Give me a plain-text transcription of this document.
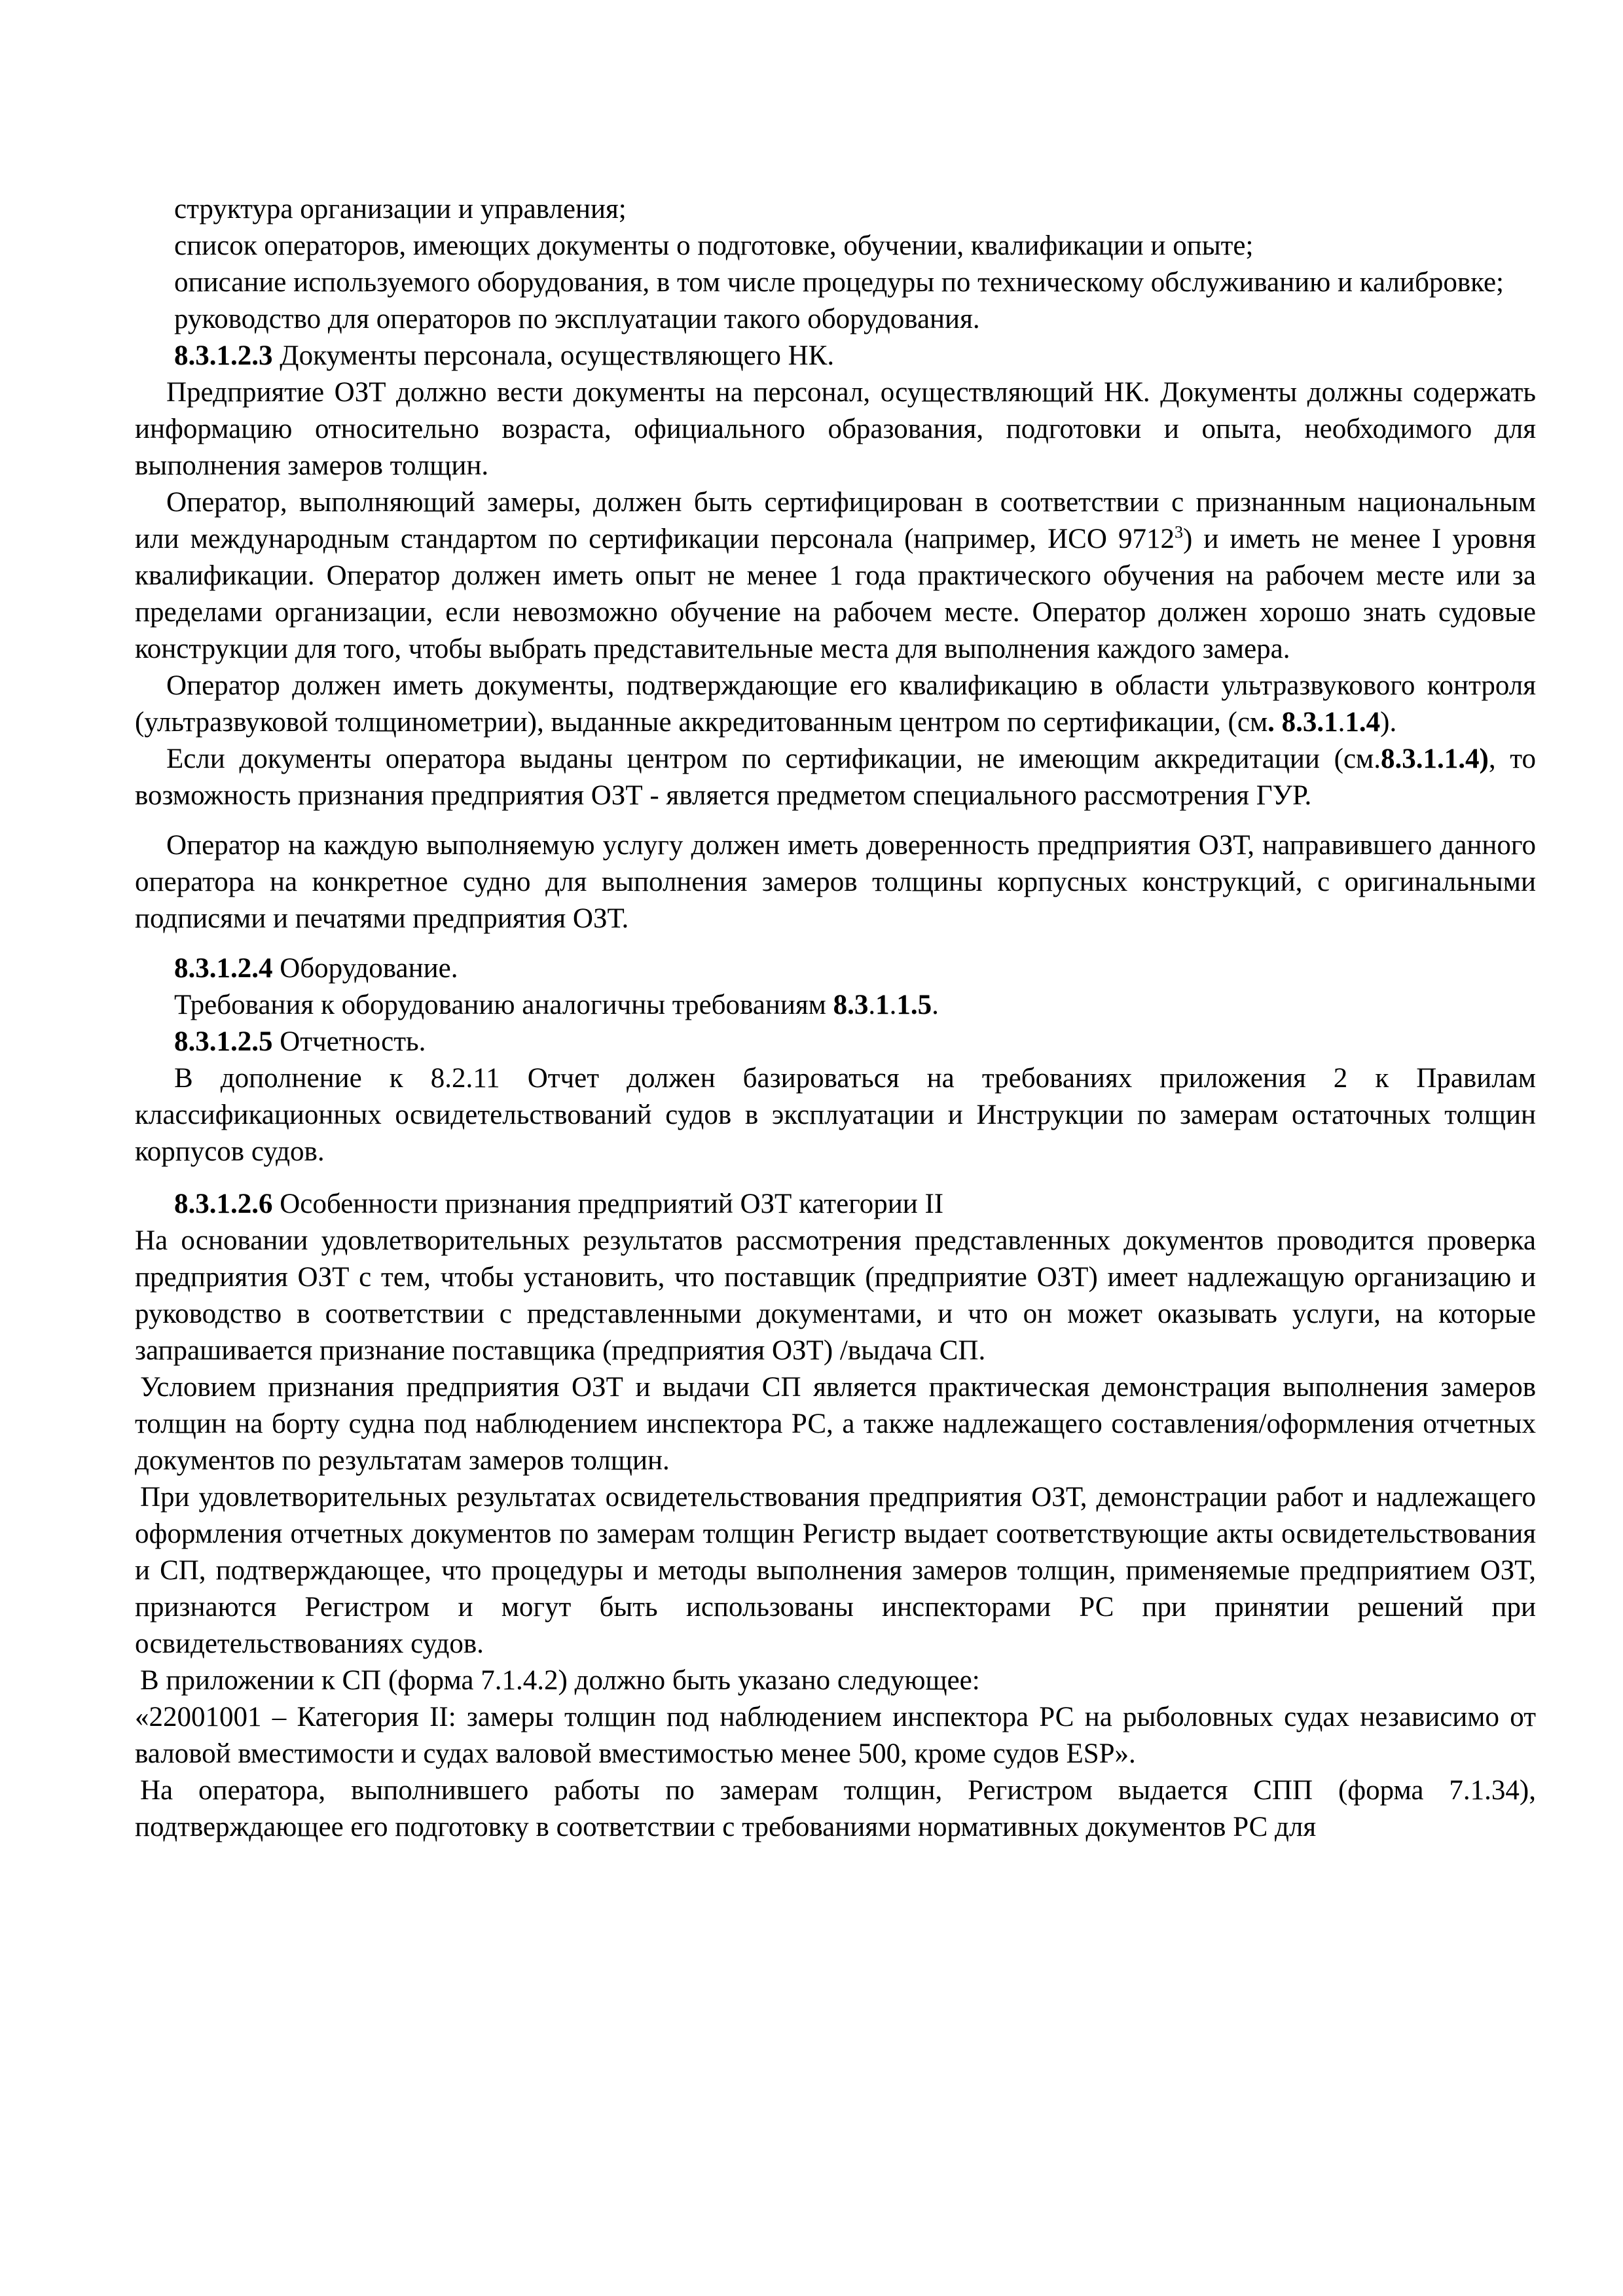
структура организации и управления;

список операторов, имеющих документы о подготовке, обучении, квалификации и опыте;

описание используемого оборудования, в том числе процедуры по техническому обслуживанию и калибровке;

руководство для операторов по эксплуатации такого оборудования.

8.3.1.2.3 Документы персонала, осуществляющего НК.

Предприятие ОЗТ должно вести документы на персонал, осуществляющий НК. Документы должны содержать информацию относительно возраста, официального образования, подготовки и опыта, необходимого для выполнения замеров толщин.

Оператор, выполняющий замеры, должен быть сертифицирован в соответствии с признанным национальным или международным стандартом по сертификации персонала (например, ИСО 9712$^3$) и иметь не менее I уровня квалификации. Оператор должен иметь опыт не менее 1 года практического обучения на рабочем месте или за пределами организации, если невозможно обучение на рабочем месте. Оператор должен хорошо знать судовые конструкции для того, чтобы выбрать представительные места для выполнения каждого замера.

Оператор должен иметь документы, подтверждающие его квалификацию в области ультразвукового контроля (ультразвуковой толщинометрии), выданные аккредитованным центром по сертификации, (см. 8.3.1.1.4).

Если документы оператора выданы центром по сертификации, не имеющим аккредитации (см.8.3.1.1.4), то возможность признания предприятия ОЗТ - является предметом специального рассмотрения ГУР.

Оператор на каждую выполняемую услугу должен иметь доверенность предприятия ОЗТ, направившего данного оператора на конкретное судно для выполнения замеров толщины корпусных конструкций, с оригинальными подписями и печатями предприятия ОЗТ.

8.3.1.2.4 Оборудование.

Требования к оборудованию аналогичны требованиям 8.3.1.1.5.

8.3.1.2.5 Отчетность.

В дополнение к 8.2.11 Отчет должен базироваться на требованиях приложения 2 к Правилам классификационных освидетельствований судов в эксплуатации и Инструкции по замерам остаточных толщин корпусов судов.

8.3.1.2.6 Особенности признания предприятий ОЗТ категории II

На основании удовлетворительных результатов рассмотрения представленных документов проводится проверка предприятия ОЗТ с тем, чтобы установить, что поставщик (предприятие ОЗТ) имеет надлежащую организацию и руководство в соответствии с представленными документами, и что он может оказывать услуги, на которые запрашивается признание поставщика (предприятия ОЗТ) /выдача СП.

Условием признания предприятия ОЗТ и выдачи СП является практическая демонстрация выполнения замеров толщин на борту судна под наблюдением инспектора РС, а также надлежащего составления/оформления отчетных документов по результатам замеров толщин.

При удовлетворительных результатах освидетельствования предприятия ОЗТ, демонстрации работ и надлежащего оформления отчетных документов по замерам толщин Регистр выдает соответствующие акты освидетельствования и СП, подтверждающее, что процедуры и методы выполнения замеров толщин, применяемые предприятием ОЗТ, признаются Регистром и могут быть использованы инспекторами РС при принятии решений при освидетельствованиях судов.

В приложении к СП (форма 7.1.4.2) должно быть указано следующее:

«22001001 – Категория II: замеры толщин под наблюдением инспектора РС на рыболовных судах независимо от валовой вместимости и судах валовой вместимостью менее 500, кроме судов ESP».

На оператора, выполнившего работы по замерам толщин, Регистром выдается СПП (форма 7.1.34), подтверждающее его подготовку в соответствии с требованиями нормативных документов РС для
